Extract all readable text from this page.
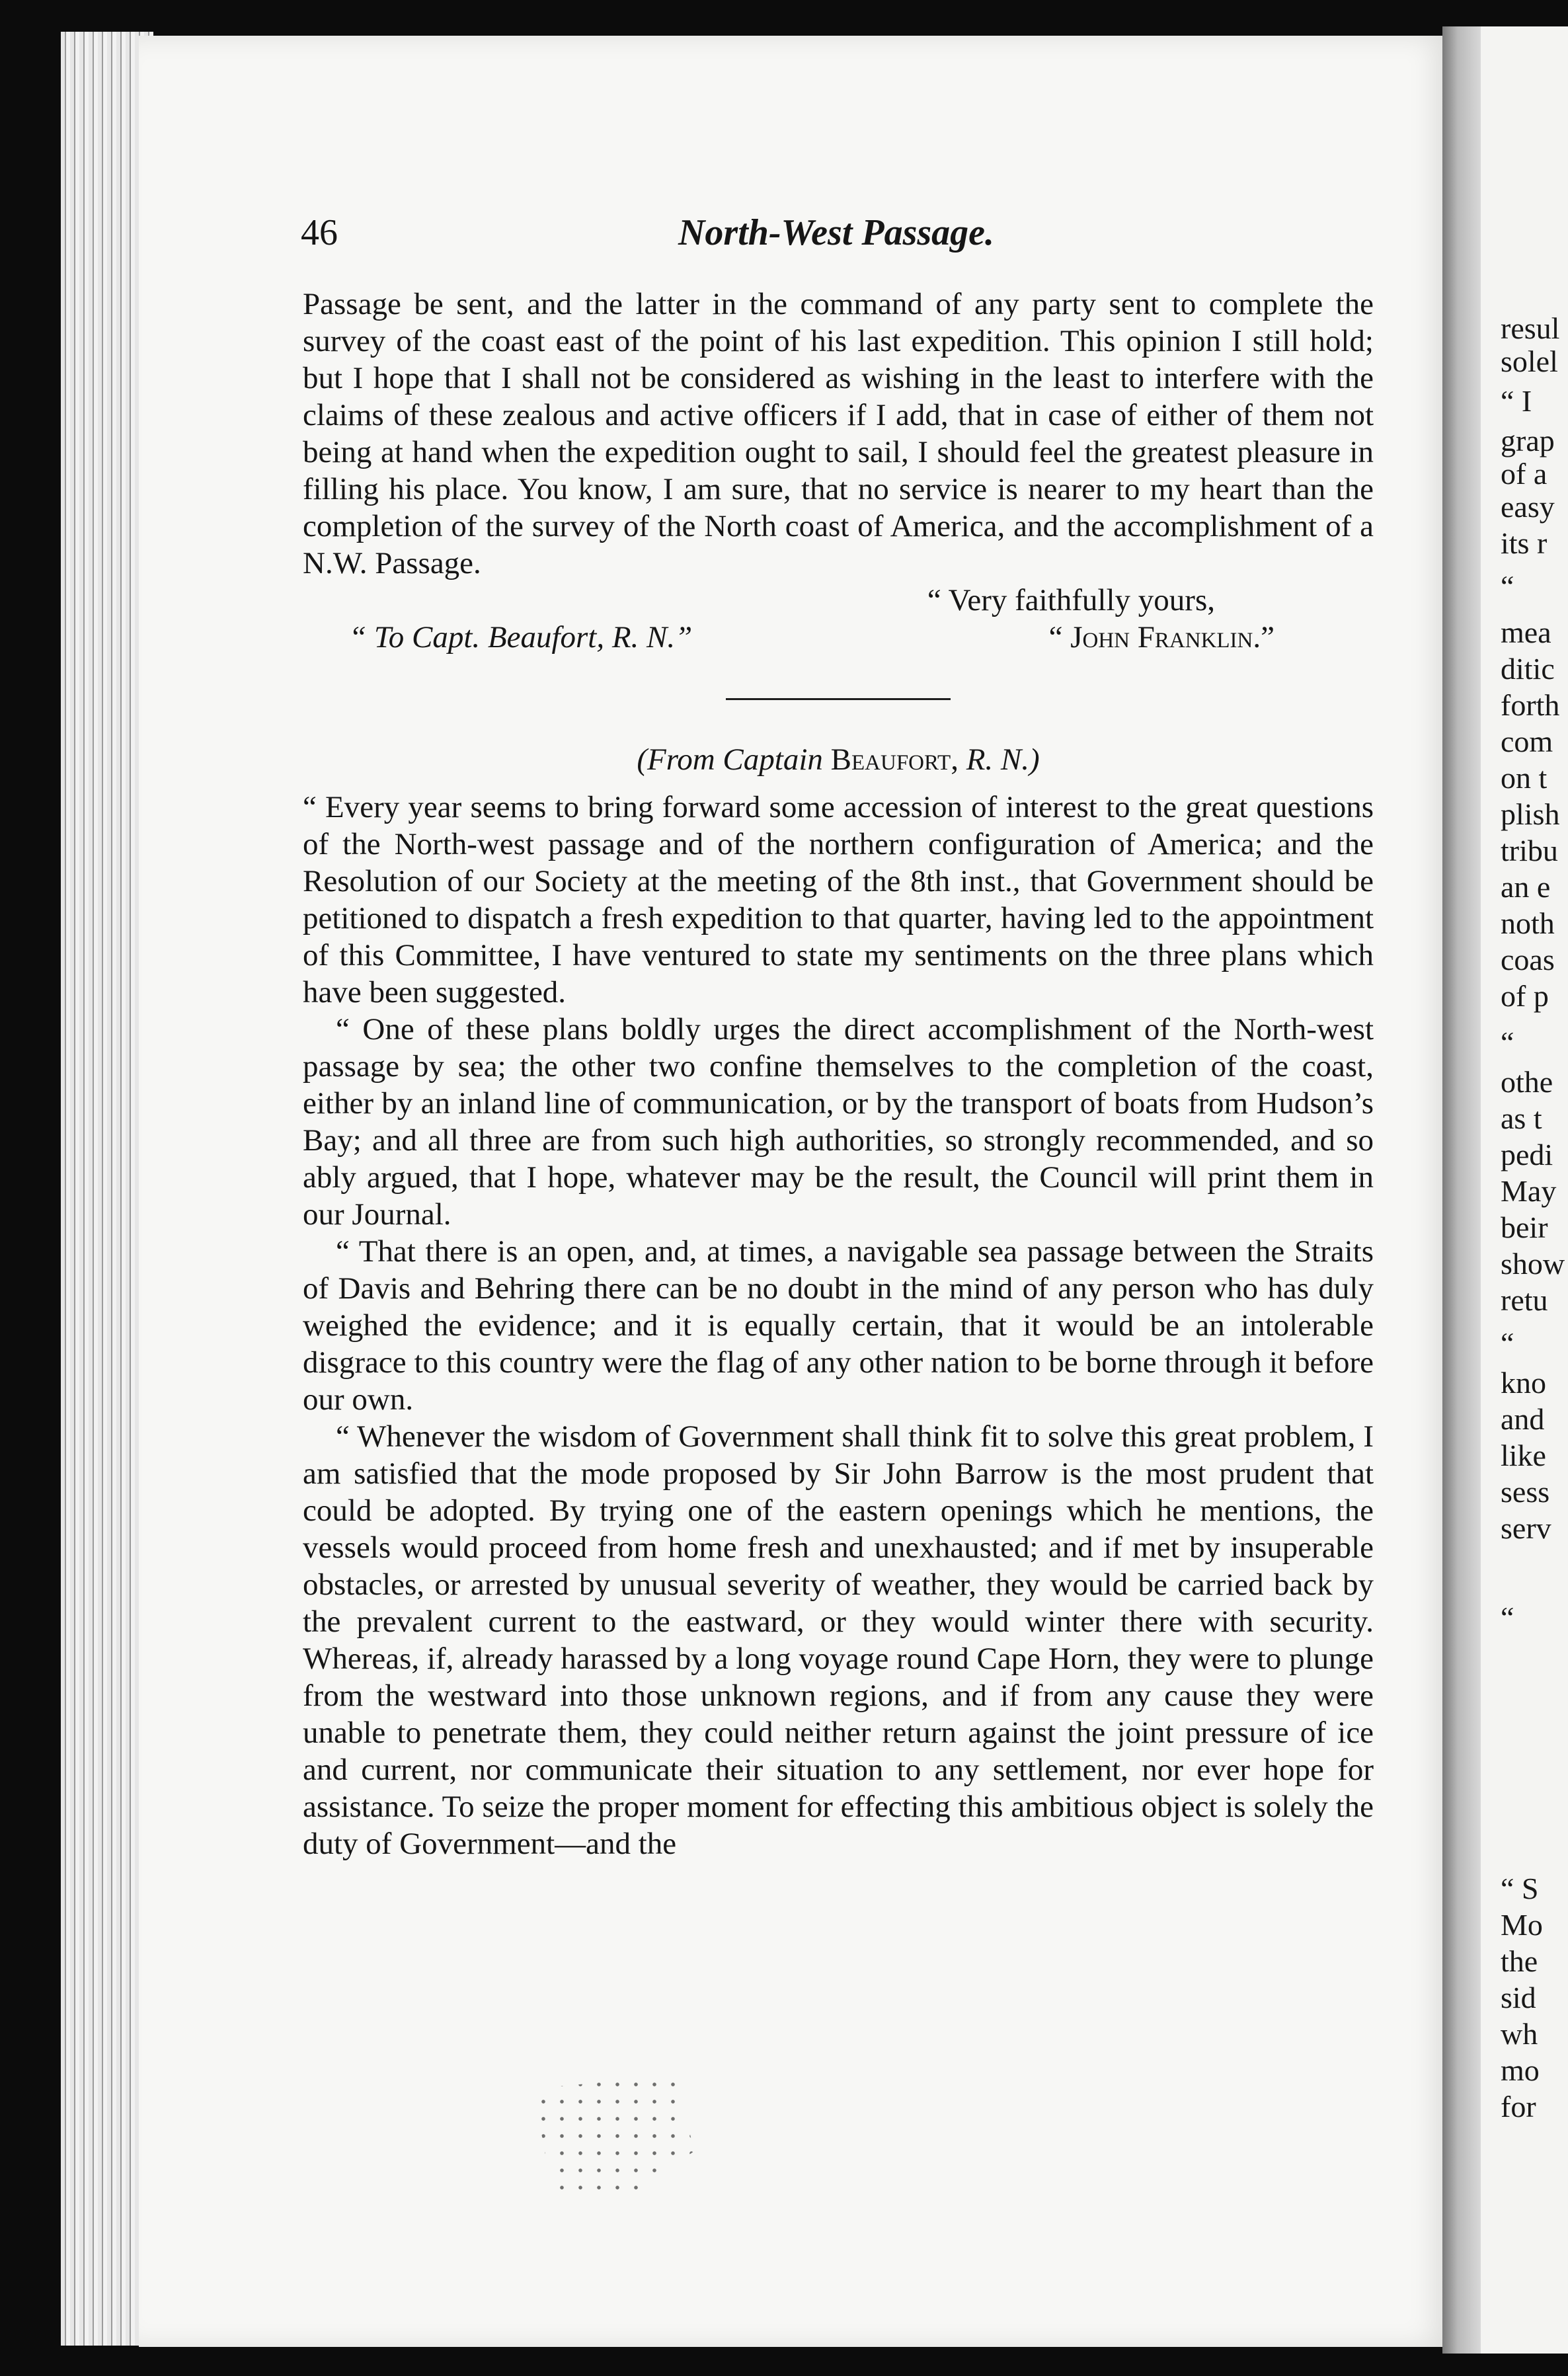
resul
solel
“ I
grap
of a
easy
its r
“
mea
ditic
forth
com
on t
plish
tribu
an e
noth
coas
of p
“
othe
as t
pedi
May
beir
show
retu
“
kno
and
like
sess
serv
“
“ S
Mo
the
sid
wh
mo
for
46	North-West Passage.

Passage be sent, and the latter in the command of any party sent to complete the survey of the coast east of the point of his last expedition. This opinion I still hold; but I hope that I shall not be considered as wishing in the least to interfere with the claims of these zealous and active officers if I add, that in case of either of them not being at hand when the expedition ought to sail, I should feel the greatest pleasure in filling his place. You know, I am sure, that no service is nearer to my heart than the completion of the survey of the North coast of America, and the accomplishment of a N.W. Passage.

“ Very faithfully yours,
“ To Capt. Beaufort, R. N.”	“ John Franklin.”
(From Captain Beaufort, R. N.)

“ Every year seems to bring forward some accession of interest to the great questions of the North-west passage and of the northern configuration of America; and the Resolution of our Society at the meeting of the 8th inst., that Government should be petitioned to dispatch a fresh expedition to that quarter, having led to the appointment of this Committee, I have ventured to state my sentiments on the three plans which have been suggested.

“ One of these plans boldly urges the direct accomplishment of the North-west passage by sea; the other two confine themselves to the completion of the coast, either by an inland line of communication, or by the transport of boats from Hudson’s Bay; and all three are from such high authorities, so strongly recommended, and so ably argued, that I hope, whatever may be the result, the Council will print them in our Journal.

“ That there is an open, and, at times, a navigable sea passage between the Straits of Davis and Behring there can be no doubt in the mind of any person who has duly weighed the evidence; and it is equally certain, that it would be an intolerable disgrace to this country were the flag of any other nation to be borne through it before our own.

“ Whenever the wisdom of Government shall think fit to solve this great problem, I am satisfied that the mode proposed by Sir John Barrow is the most prudent that could be adopted. By trying one of the eastern openings which he mentions, the vessels would proceed from home fresh and unexhausted; and if met by insuperable obstacles, or arrested by unusual severity of weather, they would be carried back by the prevalent current to the eastward, or they would winter there with security. Whereas, if, already harassed by a long voyage round Cape Horn, they were to plunge from the westward into those unknown regions, and if from any cause they were unable to penetrate them, they could neither return against the joint pressure of ice and current, nor communicate their situation to any settlement, nor ever hope for assistance. To seize the proper moment for effecting this ambitious object is solely the duty of Government—and the
